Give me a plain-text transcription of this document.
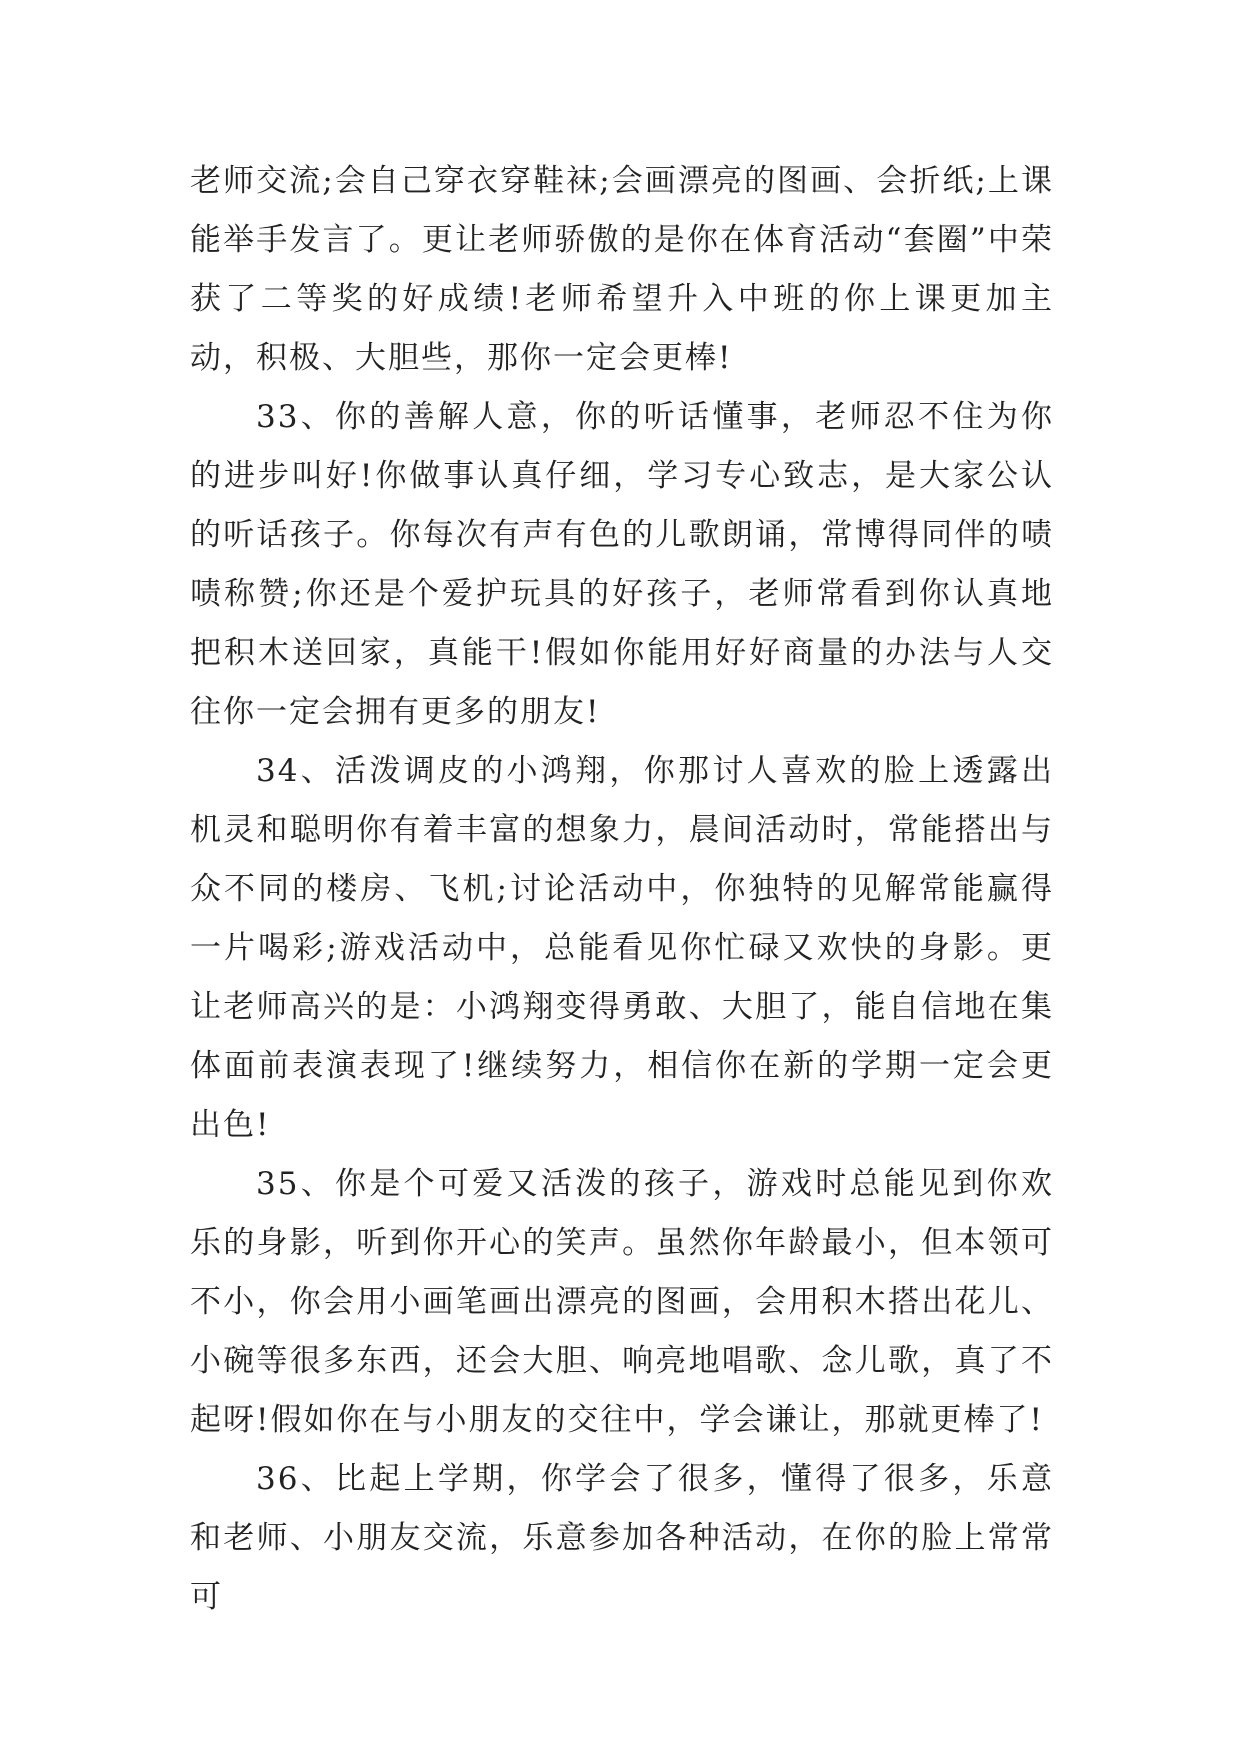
老师交流;会自己穿衣穿鞋袜;会画漂亮的图画、会折纸;上课能举手发言了。更让老师骄傲的是你在体育活动“套圈”中荣获了二等奖的好成绩!老师希望升入中班的你上课更加主动，积极、大胆些，那你一定会更棒!

33、你的善解人意，你的听话懂事，老师忍不住为你的进步叫好!你做事认真仔细，学习专心致志，是大家公认的听话孩子。你每次有声有色的儿歌朗诵，常博得同伴的啧啧称赞;你还是个爱护玩具的好孩子，老师常看到你认真地把积木送回家，真能干!假如你能用好好商量的办法与人交往你一定会拥有更多的朋友!

34、活泼调皮的小鸿翔，你那讨人喜欢的脸上透露出机灵和聪明你有着丰富的想象力，晨间活动时，常能搭出与众不同的楼房、飞机;讨论活动中，你独特的见解常能赢得一片喝彩;游戏活动中，总能看见你忙碌又欢快的身影。更让老师高兴的是：小鸿翔变得勇敢、大胆了，能自信地在集体面前表演表现了!继续努力，相信你在新的学期一定会更出色!

35、你是个可爱又活泼的孩子，游戏时总能见到你欢乐的身影，听到你开心的笑声。虽然你年龄最小，但本领可不小，你会用小画笔画出漂亮的图画，会用积木搭出花儿、小碗等很多东西，还会大胆、响亮地唱歌、念儿歌，真了不起呀!假如你在与小朋友的交往中，学会谦让，那就更棒了!

36、比起上学期，你学会了很多，懂得了很多，乐意和老师、小朋友交流，乐意参加各种活动，在你的脸上常常可
